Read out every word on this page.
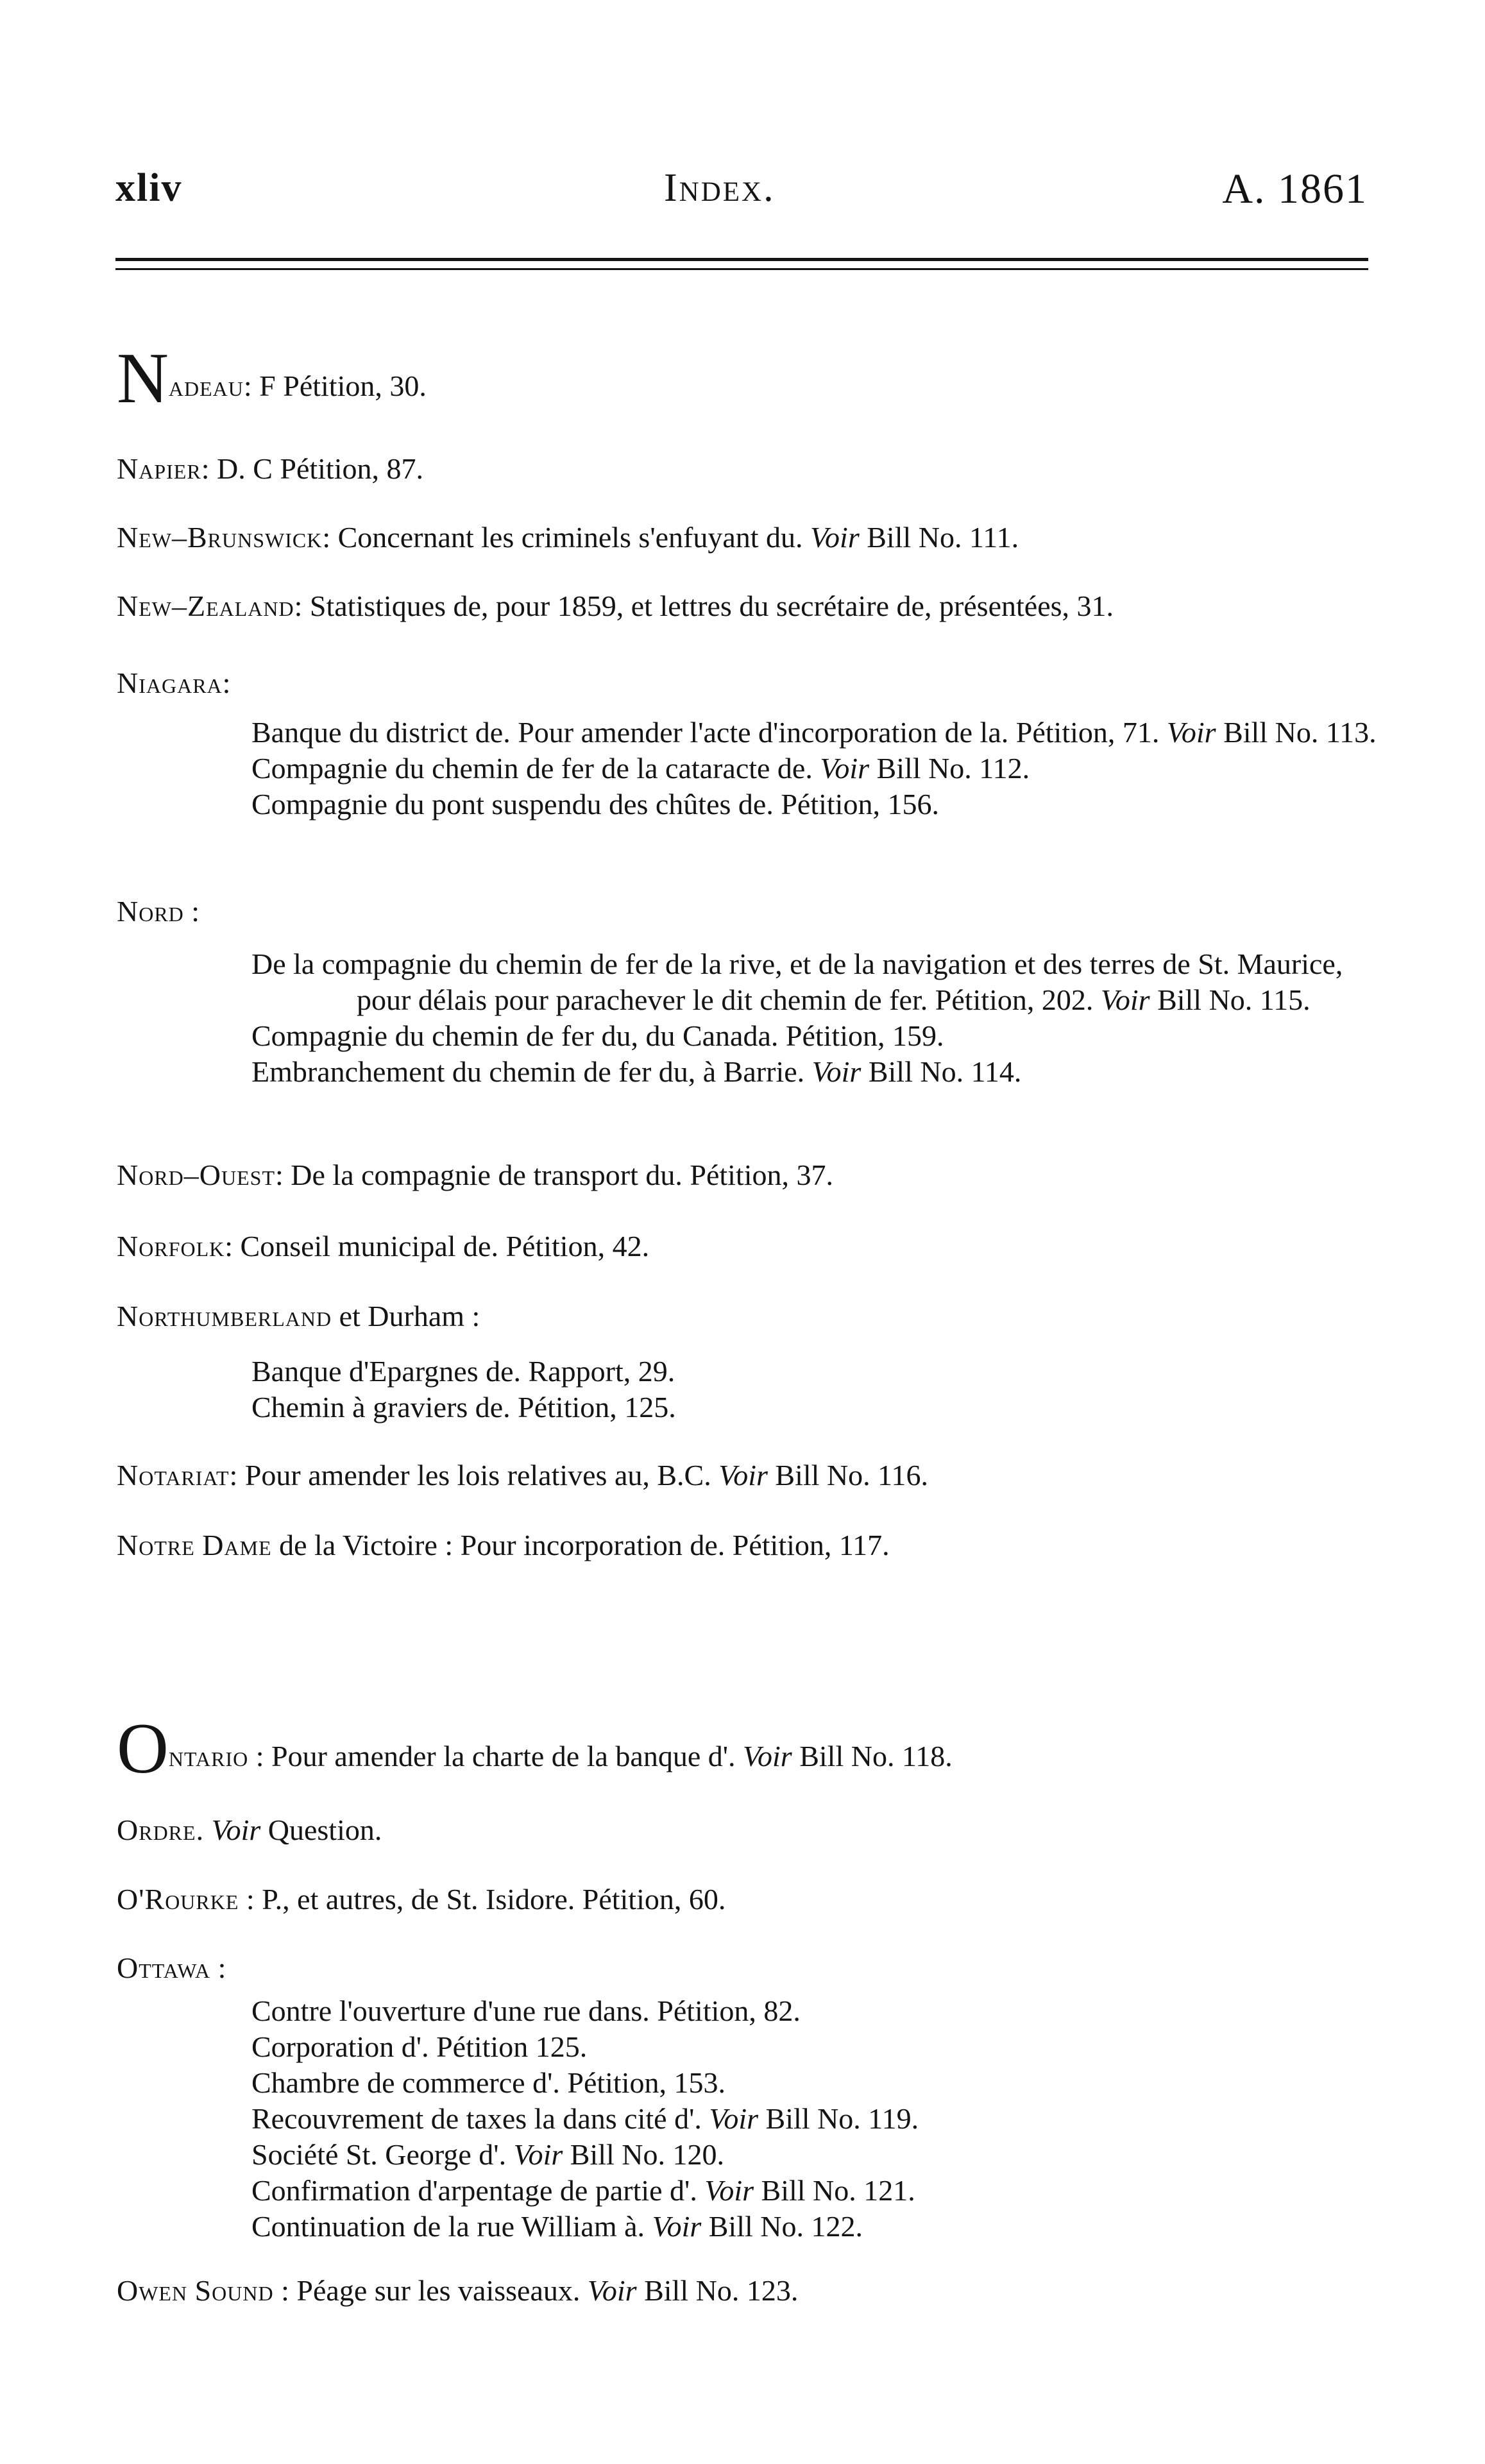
xliv	Index.	A. 1861
Nadeau: F Pétition, 30.
Napier: D. C Pétition, 87.
New–Brunswick: Concernant les criminels s'enfuyant du. Voir Bill No. 111.
New–Zealand: Statistiques de, pour 1859, et lettres du secrétaire de, présentées, 31.
Niagara:
Banque du district de. Pour amender l'acte d'incorporation de la. Pétition, 71. Voir Bill No. 113.
Compagnie du chemin de fer de la cataracte de. Voir Bill No. 112.
Compagnie du pont suspendu des chûtes de. Pétition, 156.
Nord :
De la compagnie du chemin de fer de la rive, et de la navigation et des terres de St. Maurice, pour délais pour parachever le dit chemin de fer. Pétition, 202. Voir Bill No. 115.
Compagnie du chemin de fer du, du Canada. Pétition, 159.
Embranchement du chemin de fer du, à Barrie. Voir Bill No. 114.
Nord–Ouest: De la compagnie de transport du. Pétition, 37.
Norfolk: Conseil municipal de. Pétition, 42.
Northumberland et Durham :
Banque d'Epargnes de. Rapport, 29.
Chemin à graviers de. Pétition, 125.
Notariat: Pour amender les lois relatives au, B.C. Voir Bill No. 116.
Notre Dame de la Victoire : Pour incorporation de. Pétition, 117.
Ontario : Pour amender la charte de la banque d'. Voir Bill No. 118.
Ordre. Voir Question.
O'Rourke : P., et autres, de St. Isidore. Pétition, 60.
Ottawa :
Contre l'ouverture d'une rue dans. Pétition, 82.
Corporation d'. Pétition 125.
Chambre de commerce d'. Pétition, 153.
Recouvrement de taxes la dans cité d'. Voir Bill No. 119.
Société St. George d'. Voir Bill No. 120.
Confirmation d'arpentage de partie d'. Voir Bill No. 121.
Continuation de la rue William à. Voir Bill No. 122.
Owen Sound : Péage sur les vaisseaux. Voir Bill No. 123.
